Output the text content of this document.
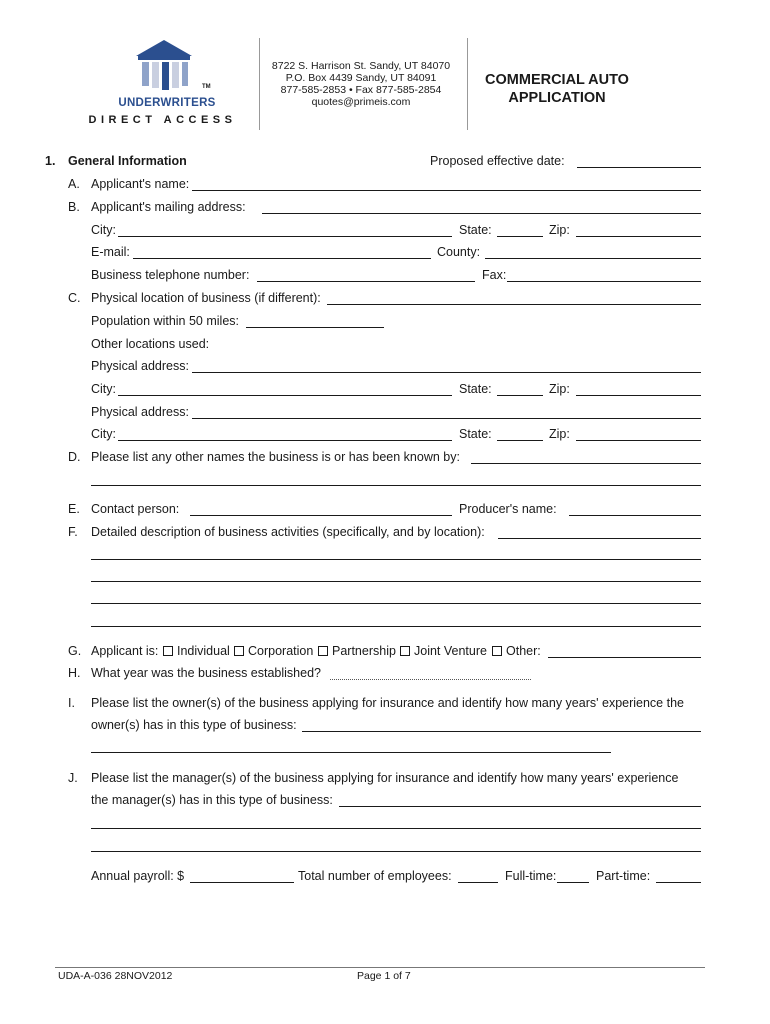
TM
UNDERWRITERS
DIRECT ACCESS
8722 S. Harrison St. Sandy, UT 84070
P.O. Box 4439 Sandy, UT 84091
877-585-2853 • Fax 877-585-2854
quotes@primeis.com
COMMERCIAL AUTO
APPLICATION
1. General Information	Proposed effective date:
A. Applicant's name:
B. Applicant's mailing address:
City:	State:	Zip:
E-mail:	County:
Business telephone number:	Fax:
C. Physical location of business (if different):
Population within 50 miles:
Other locations used:
Physical address:
City:	State:	Zip:
Physical address:
City:	State:	Zip:
D. Please list any other names the business is or has been known by:
E. Contact person:	Producer's name:
F. Detailed description of business activities (specifically, and by location):
G. Applicant is: Individual Corporation Partnership Joint Venture Other:
H. What year was the business established?
I. Please list the owner(s) of the business applying for insurance and identify how many years' experience the
owner(s) has in this type of business:
J. Please list the manager(s) of the business applying for insurance and identify how many years' experience
the manager(s) has in this type of business:
Annual payroll: $	Total number of employees:	Full-time:	Part-time:
UDA-A-036 28NOV2012	Page 1 of 7
